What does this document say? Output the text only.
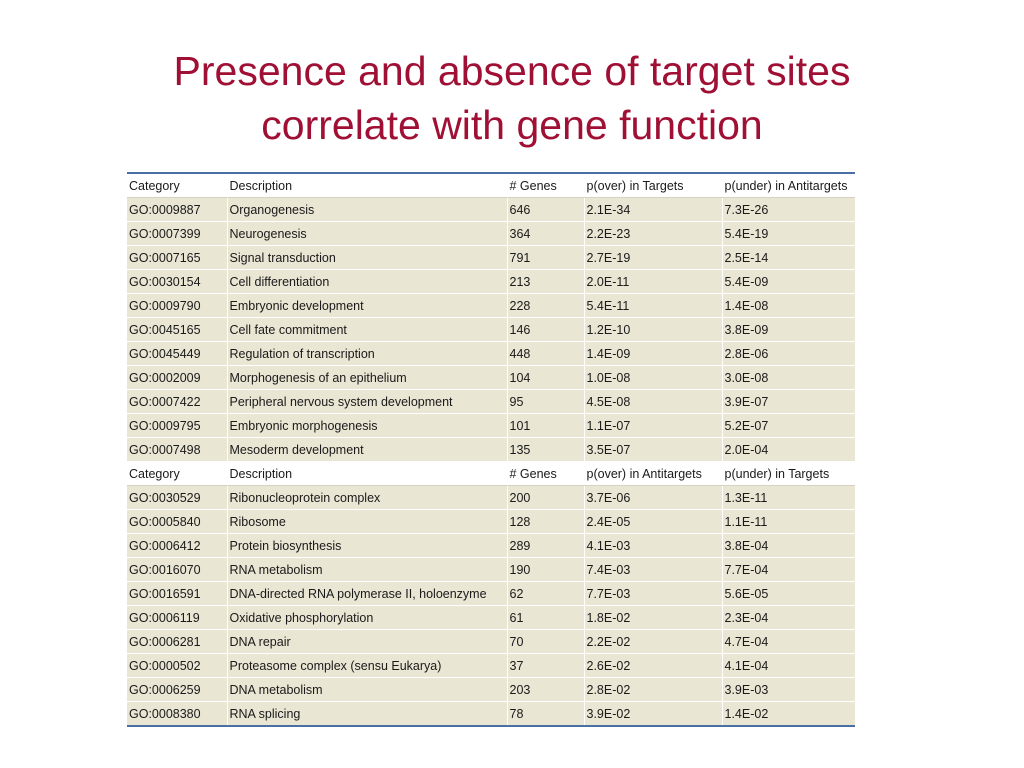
Presence and absence of target sites
correlate with gene function
Category	Description	# Genes	p(over) in Targets	p(under) in Antitargets
GO:0009887	Organogenesis	646	2.1E-34	7.3E-26
GO:0007399	Neurogenesis	364	2.2E-23	5.4E-19
GO:0007165	Signal transduction	791	2.7E-19	2.5E-14
GO:0030154	Cell differentiation	213	2.0E-11	5.4E-09
GO:0009790	Embryonic development	228	5.4E-11	1.4E-08
GO:0045165	Cell fate commitment	146	1.2E-10	3.8E-09
GO:0045449	Regulation of transcription	448	1.4E-09	2.8E-06
GO:0002009	Morphogenesis of an epithelium	104	1.0E-08	3.0E-08
GO:0007422	Peripheral nervous system development	95	4.5E-08	3.9E-07
GO:0009795	Embryonic morphogenesis	101	1.1E-07	5.2E-07
GO:0007498	Mesoderm development	135	3.5E-07	2.0E-04
Category	Description	# Genes	p(over) in Antitargets	p(under) in Targets
GO:0030529	Ribonucleoprotein complex	200	3.7E-06	1.3E-11
GO:0005840	Ribosome	128	2.4E-05	1.1E-11
GO:0006412	Protein biosynthesis	289	4.1E-03	3.8E-04
GO:0016070	RNA metabolism	190	7.4E-03	7.7E-04
GO:0016591	DNA-directed RNA polymerase II, holoenzyme	62	7.7E-03	5.6E-05
GO:0006119	Oxidative phosphorylation	61	1.8E-02	2.3E-04
GO:0006281	DNA repair	70	2.2E-02	4.7E-04
GO:0000502	Proteasome complex (sensu Eukarya)	37	2.6E-02	4.1E-04
GO:0006259	DNA metabolism	203	2.8E-02	3.9E-03
GO:0008380	RNA splicing	78	3.9E-02	1.4E-02
